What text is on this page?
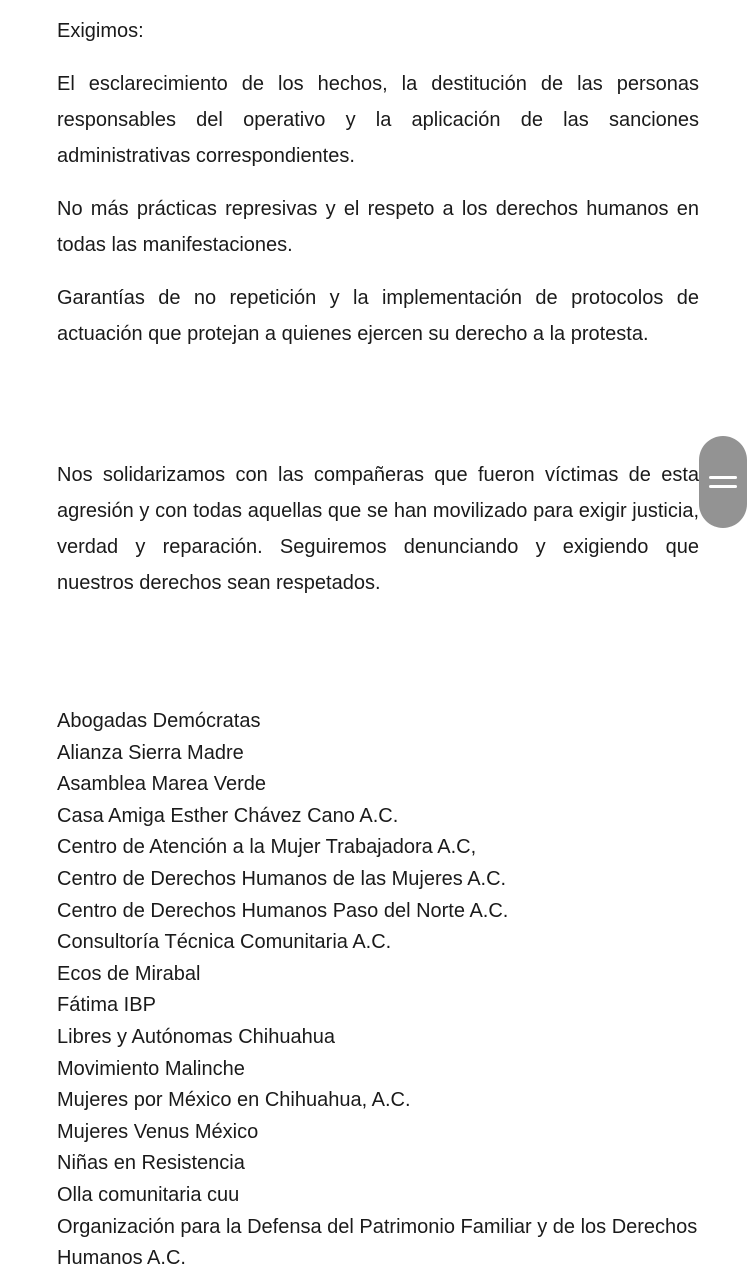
Exigimos:

El esclarecimiento de los hechos, la destitución de las personas responsables del operativo y la aplicación de las sanciones administrativas correspondientes.

No más prácticas represivas y el respeto a los derechos humanos en todas las manifestaciones.

Garantías de no repetición y la implementación de protocolos de actuación que protejan a quienes ejercen su derecho a la protesta.

Nos solidarizamos con las compañeras que fueron víctimas de esta agresión y con todas aquellas que se han movilizado para exigir justicia, verdad y reparación. Seguiremos denunciando y exigiendo que nuestros derechos sean respetados.

Abogadas Demócratas
Alianza Sierra Madre
Asamblea Marea Verde
Casa Amiga Esther Chávez Cano A.C.
Centro de Atención a la Mujer Trabajadora A.C,
Centro de Derechos Humanos de las Mujeres A.C.
Centro de Derechos Humanos Paso del Norte A.C.
Consultoría Técnica Comunitaria A.C.
Ecos de Mirabal
Fátima IBP
Libres y Autónomas Chihuahua
Movimiento Malinche
Mujeres por México en Chihuahua, A.C.
Mujeres Venus México
Niñas en Resistencia
Olla comunitaria cuu
Organización para la Defensa del Patrimonio Familiar y de los Derechos Humanos A.C.
